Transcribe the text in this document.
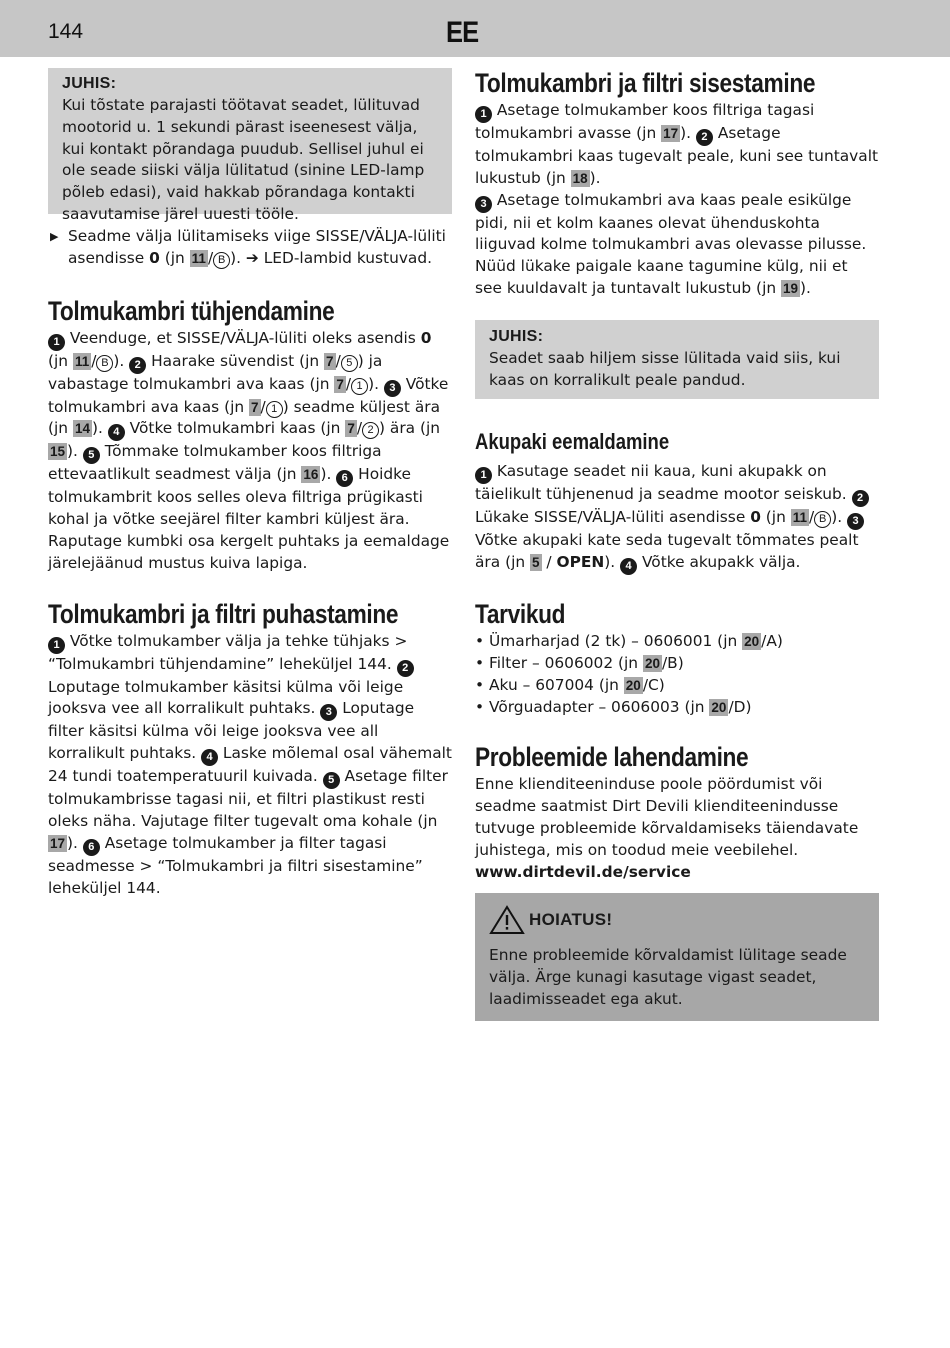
144	EE
JUHIS:

Kui tõstate parajasti töötavat seadet, lülituvad mootorid u. 1 sekundi pärast iseenesest välja, kui kontakt põrandaga puudub. Sellisel juhul ei ole seade siiski välja lülitatud (sinine LED-lamp põleb edasi), vaid hakkab põrandaga kontakti saavutamise järel uuesti tööle.

▶ Seadme välja lülitamiseks viige SISSE/VÄLJA-lüliti asendisse 0 (jn 11 / B ). ➔ LED-lambid kustuvad.

Tolmukambri tühjendamine

1 Veenduge, et SISSE/VÄLJA-lüliti oleks asendis 0 (jn 11 / B ). 2 Haarake süvendist (jn 7 / 5 ) ja vabastage tolmukambri ava kaas (jn 7 / 1 ). 3 Võtke tolmukambri ava kaas (jn 7 / 1 ) seadme küljest ära (jn 14 ). 4 Võtke tolmukambri kaas (jn 7 / 2 ) ära (jn 15 ). 5 Tõmmake tolmukamber koos filtriga ettevaatlikult seadmest välja (jn 16 ). 6 Hoidke tolmukambrit koos selles oleva filtriga prügikasti kohal ja võtke seejärel filter kambri küljest ära. Raputage kumbki osa kergelt puhtaks ja eemaldage järelejäänud mustus kuiva lapiga.

Tolmukambri ja filtri puhastamine

1 Võtke tolmukamber välja ja tehke tühjaks > “Tolmukambri tühjendamine” leheküljel 144. 2 Loputage tolmukamber käsitsi külma või leige jooksva vee all korralikult puhtaks. 3 Loputage filter käsitsi külma või leige jooksva vee all korralikult puhtaks. 4 Laske mõlemal osal vähemalt 24 tundi toatemperatuuril kuivada. 5 Asetage filter tolmukambrisse tagasi nii, et filtri plastikust resti oleks näha. Vajutage filter tugevalt oma kohale (jn 17 ). 6 Asetage tolmukamber ja filter tagasi seadmesse > “Tolmukambri ja filtri sisestamine” leheküljel 144.

Tolmukambri ja filtri sisestamine

1 Asetage tolmukamber koos filtriga tagasi tolmukambri avasse (jn 17 ). 2 Asetage tolmukambri kaas tugevalt peale, kuni see tuntavalt lukustub (jn 18 ).
3 Asetage tolmukambri ava kaas peale esikülge pidi, nii et kolm kaanes olevat ühenduskohta liiguvad kolme tolmukambri avas olevasse pilusse. Nüüd lükake paigale kaane tagumine külg, nii et see kuuldavalt ja tuntavalt lukustub (jn 19 ).

JUHIS:

Seadet saab hiljem sisse lülitada vaid siis, kui kaas on korralikult peale pandud.

Akupaki eemaldamine

1 Kasutage seadet nii kaua, kuni akupakk on täielikult tühjenenud ja seadme mootor seiskub. 2 Lükake SISSE/VÄLJA-lüliti asendisse 0 (jn 11 / B ). 3 Võtke akupaki kate seda tugevalt tõmmates pealt ära (jn 5 / OPEN). 4 Võtke akupakk välja.

Tarvikud
• Ümarharjad (2 tk) – 0606001 (jn 20 /A)
• Filter – 0606002 (jn 20 /B)
• Aku – 607004 (jn 20 /C)
• Võrguadapter – 0606003 (jn 20 /D)
Probleemide lahendamine

Enne klienditeeninduse poole pöördumist või seadme saatmist Dirt Devili klienditeenindusse tutvuge probleemide kõrvaldamiseks täiendavate juhistega, mis on toodud meie veebilehel.

www.dirtdevil.de/service

HOIATUS!

Enne probleemide kõrvaldamist lülitage seade välja. Ärge kunagi kasutage vigast seadet, laadimisseadet ega akut.
